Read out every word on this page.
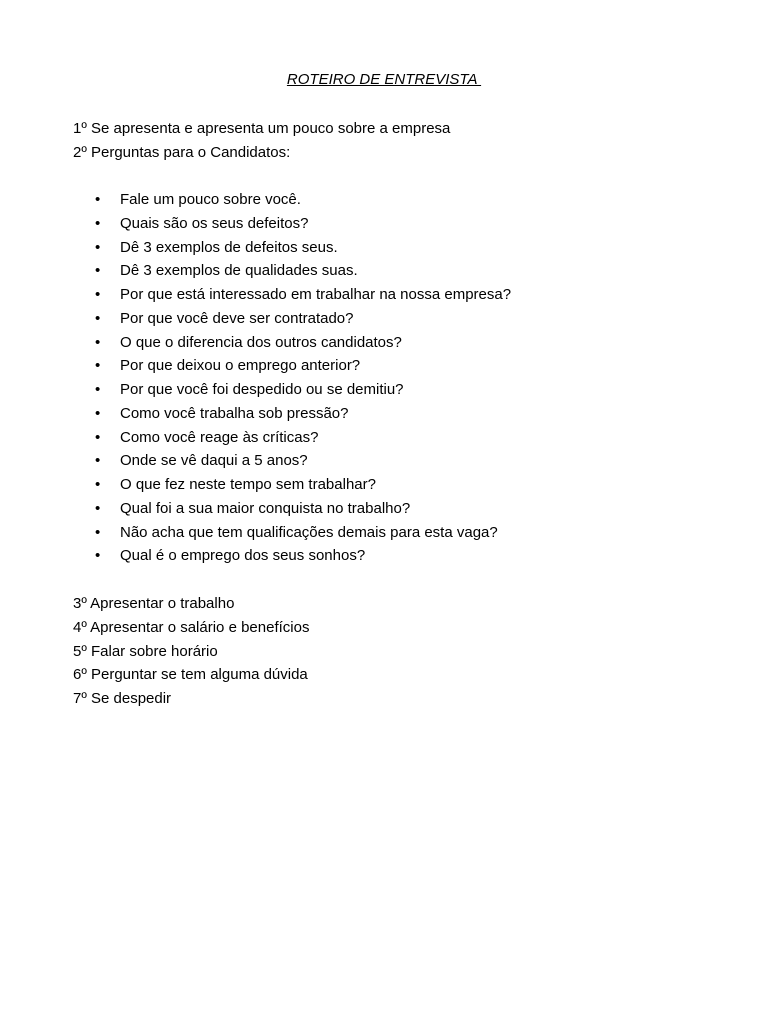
ROTEIRO DE ENTREVISTA
1º Se apresenta e apresenta um pouco sobre a empresa
2º Perguntas para o Candidatos:
• Fale um pouco sobre você.
• Quais são os seus defeitos?
• Dê 3 exemplos de defeitos seus.
• Dê 3 exemplos de qualidades suas.
• Por que está interessado em trabalhar na nossa empresa?
• Por que você deve ser contratado?
• O que o diferencia dos outros candidatos?
• Por que deixou o emprego anterior?
• Por que você foi despedido ou se demitiu?
• Como você trabalha sob pressão?
• Como você reage às críticas?
• Onde se vê daqui a 5 anos?
• O que fez neste tempo sem trabalhar?
• Qual foi a sua maior conquista no trabalho?
• Não acha que tem qualificações demais para esta vaga?
• Qual é o emprego dos seus sonhos?
3º Apresentar o trabalho
4º Apresentar o salário e benefícios
5º Falar sobre horário
6º Perguntar se tem alguma dúvida
7º Se despedir
